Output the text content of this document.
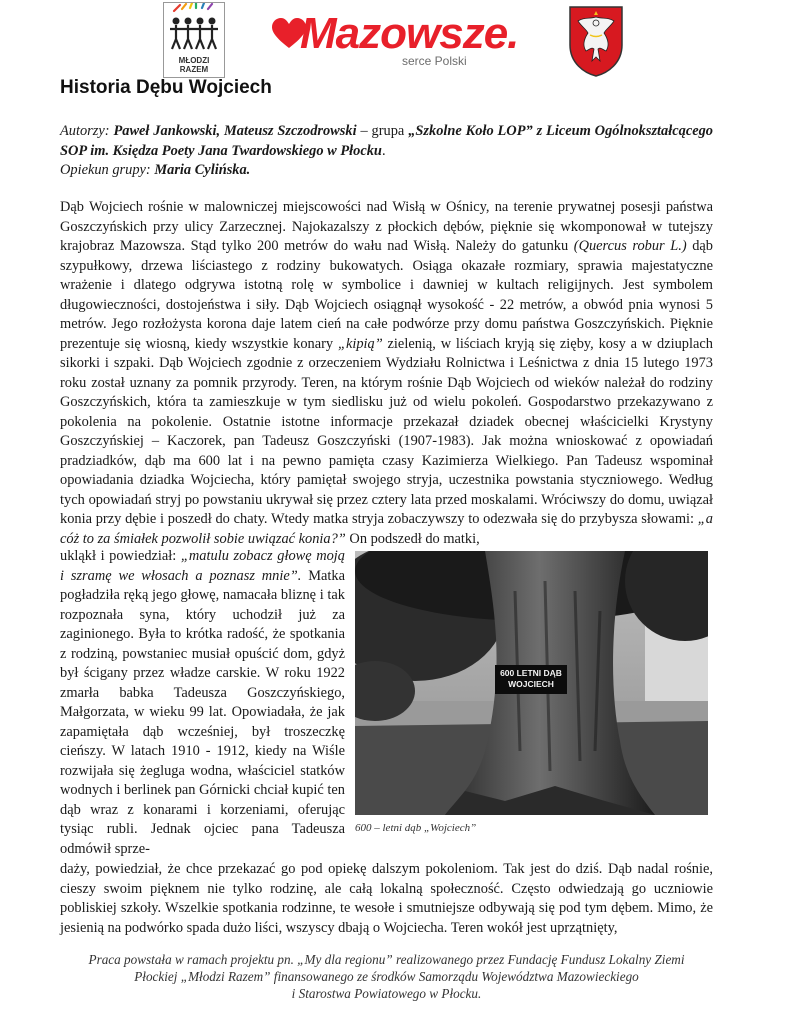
MŁODZI
RAZEM
Mazowsze.
serce Polski
Historia Dębu Wojciech
Autorzy: Paweł Jankowski, Mateusz Szczodrowski – grupa „Szkolne Koło LOP” z Liceum Ogólnokształcącego SOP im. Księdza Poety Jana Twardowskiego w Płocku.
Opiekun grupy: Maria Cylińska.
Dąb Wojciech rośnie w malowniczej miejscowości nad Wisłą w Ośnicy, na terenie prywatnej posesji państwa Goszczyńskich przy ulicy Zarzecznej. Najokazalszy z płockich dębów, pięknie się wkomponował w tutejszy krajobraz Mazowsza. Stąd tylko 200 metrów do wału nad Wisłą. Należy do gatunku (Quercus robur L.) dąb szypułkowy, drzewa liściastego z rodziny bukowatych. Osiąga okazałe rozmiary, sprawia majestatyczne wrażenie i dlatego odgrywa istotną rolę w symbolice i dawniej w kultach religijnych. Jest symbolem długowieczności, dostojeństwa i siły. Dąb Wojciech osiągnął wysokość - 22 metrów, a obwód pnia wynosi 5 metrów. Jego rozłożysta korona daje latem cień na całe podwórze przy domu państwa Goszczyńskich. Pięknie prezentuje się wiosną, kiedy wszystkie konary „kipią” zielenią, w liściach kryją się zięby, kosy a w dziuplach sikorki i szpaki. Dąb Wojciech zgodnie z orzeczeniem Wydziału Rolnictwa i Leśnictwa z dnia 15 lutego 1973 roku został uznany za pomnik przyrody. Teren, na którym rośnie Dąb Wojciech od wieków należał do rodziny Goszczyńskich, która ta zamieszkuje w tym siedlisku już od wielu pokoleń. Gospodarstwo przekazywano z pokolenia na pokolenie. Ostatnie istotne informacje przekazał dziadek obecnej właścicielki Krystyny Goszczyńskiej – Kaczorek, pan Tadeusz Goszczyński (1907-1983). Jak można wnioskować z opowiadań pradziadków, dąb ma 600 lat i na pewno pamięta czasy Kazimierza Wielkiego. Pan Tadeusz wspominał opowiadania dziadka Wojciecha, który pamiętał swojego stryja, uczestnika powstania styczniowego. Według tych opowiadań stryj po powstaniu ukrywał się przez cztery lata przed moskalami. Wróciwszy do domu, uwiązał konia przy dębie i poszedł do chaty. Wtedy matka stryja zobaczywszy to odezwała się do przybysza słowami: „a cóż to za śmiałek pozwolił sobie uwiązać konia?” On podszedł do matki,
ukląkł i powiedział: „matulu zobacz głowę moją i szramę we włosach a poznasz mnie”. Matka pogładziła ręką jego głowę, namacała bliznę i tak rozpoznała syna, który uchodził już za zaginionego. Była to krótka radość, że spotkania z rodziną, powstaniec musiał opuścić dom, gdyż był ścigany przez władze carskie. W roku 1922 zmarła babka Tadeusza Goszczyńskiego, Małgorzata, w wieku 99 lat. Opowiadała, że jak zapamiętała dąb wcześniej, był troszeczkę cieńszy. W latach 1910 - 1912, kiedy na Wiśle rozwijała się żegluga wodna, właściciel statków wodnych i berlinek pan Górnicki chciał kupić ten dąb wraz z konarami i korzeniami, oferując tysiąc rubli. Jednak ojciec pana Tadeusza odmówił sprze-
600 LETNI DĄB
WOJCIECH
600 – letni dąb „Wojciech”
daży, powiedział, że chce przekazać go pod opiekę dalszym pokoleniom. Tak jest do dziś. Dąb nadal rośnie, cieszy swoim pięknem nie tylko rodzinę, ale całą lokalną społeczność. Często odwiedzają go uczniowie pobliskiej szkoły. Wszelkie spotkania rodzinne, te wesołe i smutniejsze odbywają się pod tym dębem. Mimo, że jesienią na podwórko spada dużo liści, wszyscy dbają o Wojciecha. Teren wokół jest uprzątnięty,
Praca powstała w ramach projektu pn. „My dla regionu” realizowanego przez Fundację Fundusz Lokalny Ziemi
Płockiej „Młodzi Razem” finansowanego ze środków Samorządu Województwa Mazowieckiego
i Starostwa Powiatowego w Płocku.
